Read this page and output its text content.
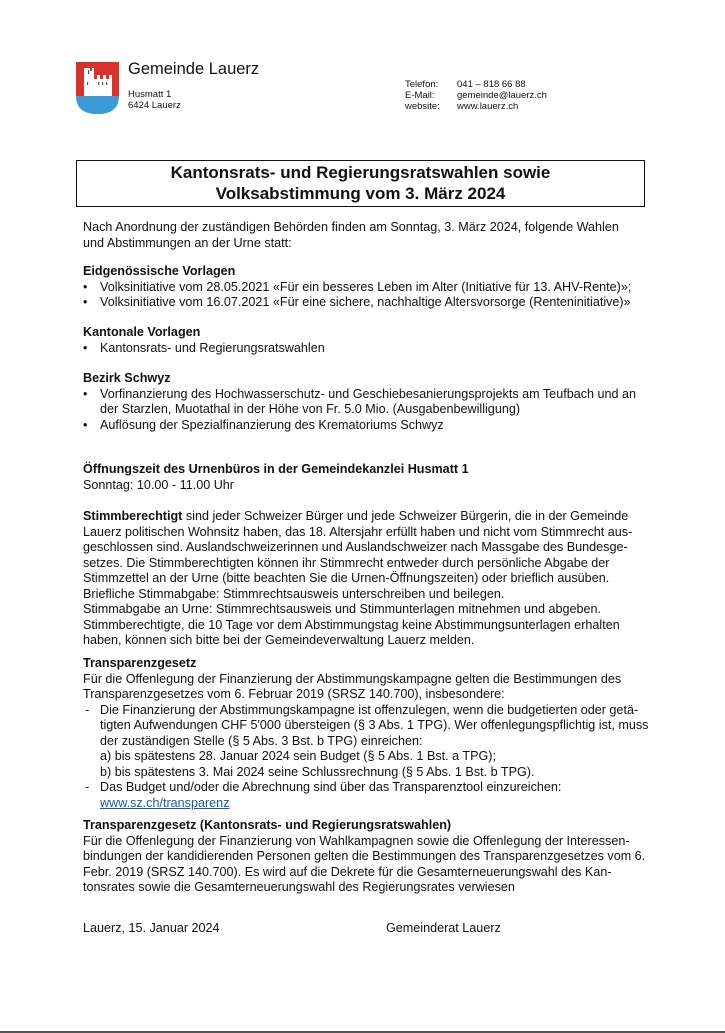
Gemeinde Lauerz
Husmatt 1
6424 Lauerz
Telefon:	041 – 818 66 88
E-Mail:	gemeinde@lauerz.ch
website:	www.lauerz.ch
Kantonsrats- und Regierungsratswahlen sowie
Volksabstimmung vom 3. März 2024

Nach Anordnung der zuständigen Behörden finden am Sonntag, 3. März 2024, folgende Wahlen

und Abstimmungen an der Urne statt:

Eidgenössische Vorlagen

• Volksinitiative vom 28.05.2021 «Für ein besseres Leben im Alter (Initiative für 13. AHV-Rente)»;
• Volksinitiative vom 16.07.2021 «Für eine sichere, nachhaltige Altersvorsorge (Renteninitiative)»

Kantonale Vorlagen

• Kantonsrats- und Regierungsratswahlen

Bezirk Schwyz

• Vorfinanzierung des Hochwasserschutz- und Geschiebesanierungsprojekts am Teufbach und an der Starzlen, Muotathal in der Höhe von Fr. 5.0 Mio. (Ausgabenbewilligung)
• Auflösung der Spezialfinanzierung des Krematoriums Schwyz

Öffnungszeit des Urnenbüros in der Gemeindekanzlei Husmatt 1

Sonntag: 10.00 - 11.00 Uhr

Stimmberechtigt sind jeder Schweizer Bürger und jede Schweizer Bürgerin, die in der Gemeinde Lauerz politischen Wohnsitz haben, das 18. Altersjahr erfüllt haben und nicht vom Stimmrecht ausgeschlossen sind. Auslandschweizerinnen und Auslandschweizer nach Massgabe des Bundesgesetzes. Die Stimmberechtigten können ihr Stimmrecht entweder durch persönliche Abgabe der Stimmzettel an der Urne (bitte beachten Sie die Urnen-Öffnungszeiten) oder brieflich ausüben.

Briefliche Stimmabgabe: Stimmrechtsausweis unterschreiben und beilegen.

Stimmabgabe an Urne: Stimmrechtsausweis und Stimmunterlagen mitnehmen und abgeben.

Stimmberechtigte, die 10 Tage vor dem Abstimmungstag keine Abstimmungsunterlagen erhalten haben, können sich bitte bei der Gemeindeverwaltung Lauerz melden.

Transparenzgesetz

Für die Offenlegung der Finanzierung der Abstimmungskampagne gelten die Bestimmungen des Transparenzgesetzes vom 6. Februar 2019 (SRSZ 140.700), insbesondere:

- Die Finanzierung der Abstimmungskampagne ist offenzulegen, wenn die budgetierten oder getätigten Aufwendungen CHF 5'000 übersteigen (§ 3 Abs. 1 TPG). Wer offenlegungspflichtig ist, muss der zuständigen Stelle (§ 5 Abs. 3 Bst. b TPG) einreichen:

a) bis spätestens 28. Januar 2024 sein Budget (§ 5 Abs. 1 Bst. a TPG);

b) bis spätestens 3. Mai 2024 seine Schlussrechnung (§ 5 Abs. 1 Bst. b TPG).

- Das Budget und/oder die Abrechnung sind über das Transparenztool einzureichen:

www.sz.ch/transparenz

Transparenzgesetz (Kantonsrats- und Regierungsratswahlen)

Für die Offenlegung der Finanzierung von Wahlkampagnen sowie die Offenlegung der Interessenbindungen der kandidierenden Personen gelten die Bestimmungen des Transparenzgesetzes vom 6. Febr. 2019 (SRSZ 140.700). Es wird auf die Dekrete für die Gesamterneuerungswahl des Kantonsrates sowie die Gesamterneuerungswahl des Regierungsrates verwiesen

Lauerz, 15. Januar 2024	Gemeinderat Lauerz
